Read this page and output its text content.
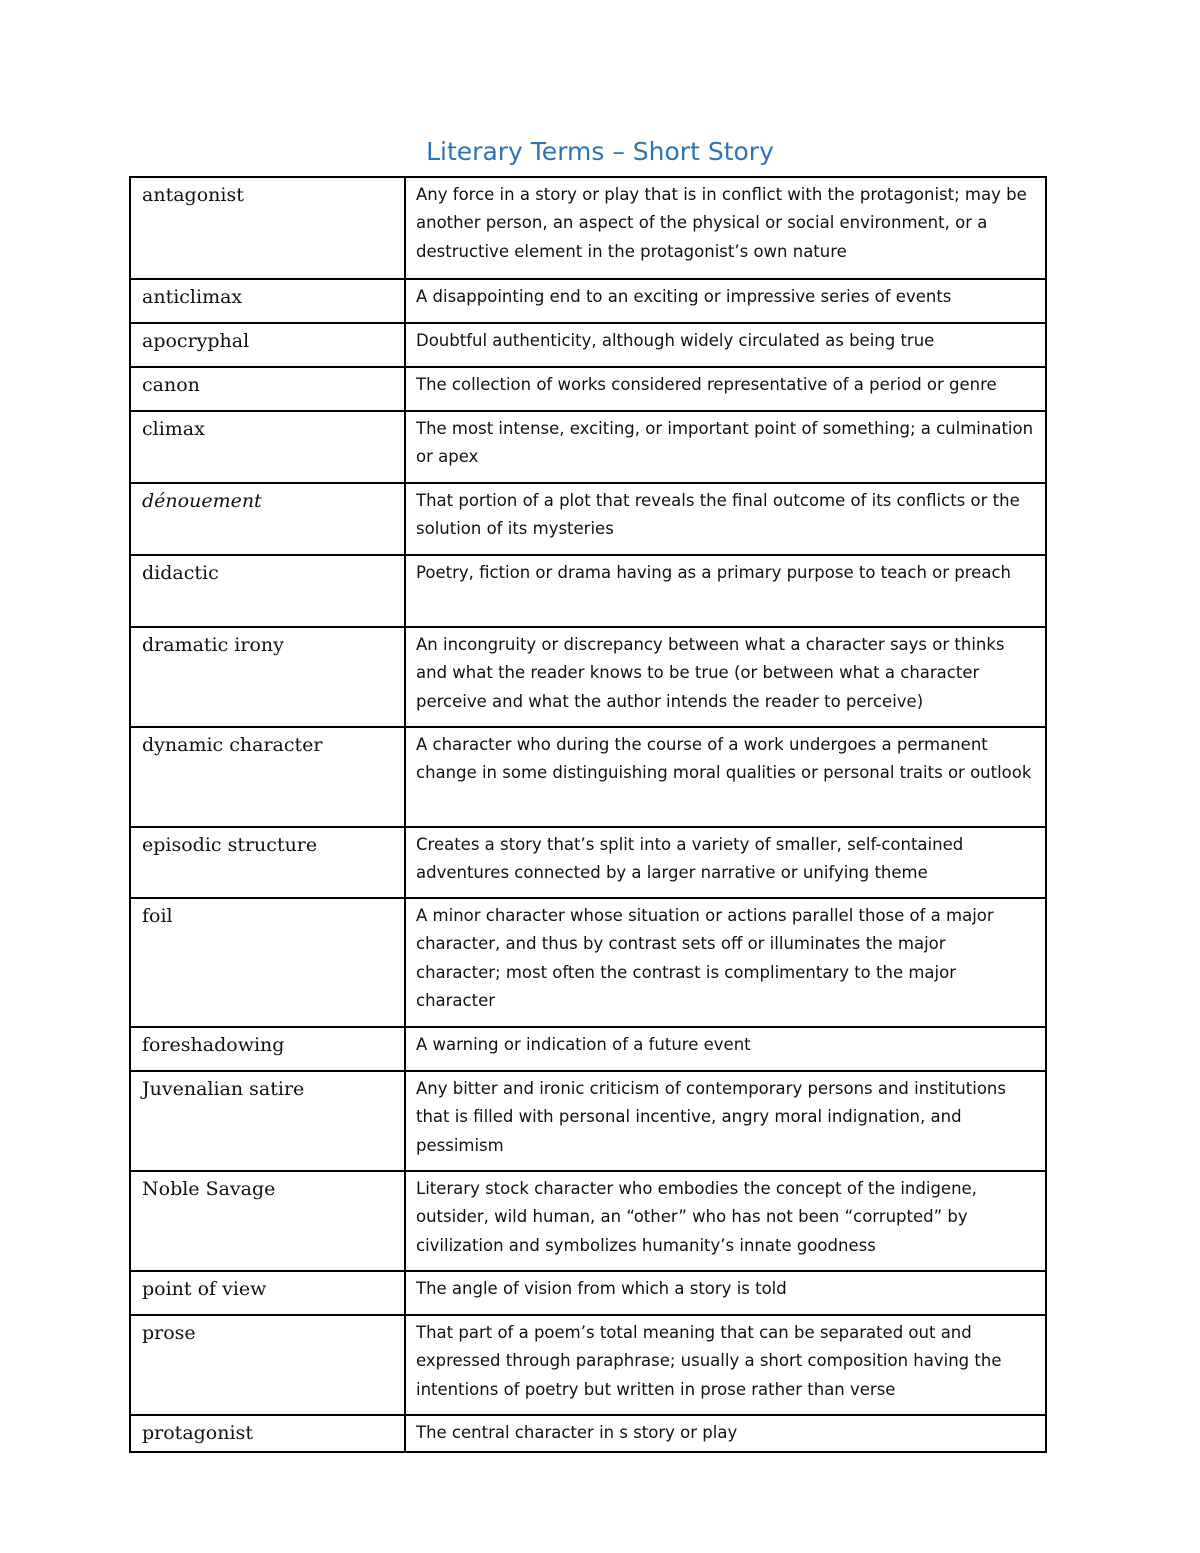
Literary Terms – Short Story
antagonist	Any force in a story or play that is in conflict with the protagonist; may be another person, an aspect of the physical or social environment, or a destructive element in the protagonist’s own nature
anticlimax	A disappointing end to an exciting or impressive series of events
apocryphal	Doubtful authenticity, although widely circulated as being true
canon	The collection of works considered representative of a period or genre
climax	The most intense, exciting, or important point of something; a culmination or apex
dénouement	That portion of a plot that reveals the final outcome of its conflicts or the solution of its mysteries
didactic	Poetry, fiction or drama having as a primary purpose to teach or preach
dramatic irony	An incongruity or discrepancy between what a character says or thinks and what the reader knows to be true (or between what a character perceive and what the author intends the reader to perceive)
dynamic character	A character who during the course of a work undergoes a permanent change in some distinguishing moral qualities or personal traits or outlook
episodic structure	Creates a story that’s split into a variety of smaller, self-contained adventures connected by a larger narrative or unifying theme
foil	A minor character whose situation or actions parallel those of a major character, and thus by contrast sets off or illuminates the major character; most often the contrast is complimentary to the major character
foreshadowing	A warning or indication of a future event
Juvenalian satire	Any bitter and ironic criticism of contemporary persons and institutions that is filled with personal incentive, angry moral indignation, and pessimism
Noble Savage	Literary stock character who embodies the concept of the indigene, outsider, wild human, an “other” who has not been “corrupted” by civilization and symbolizes humanity’s innate goodness
point of view	The angle of vision from which a story is told
prose	That part of a poem’s total meaning that can be separated out and expressed through paraphrase; usually a short composition having the intentions of poetry but written in prose rather than verse
protagonist	The central character in s story or play
